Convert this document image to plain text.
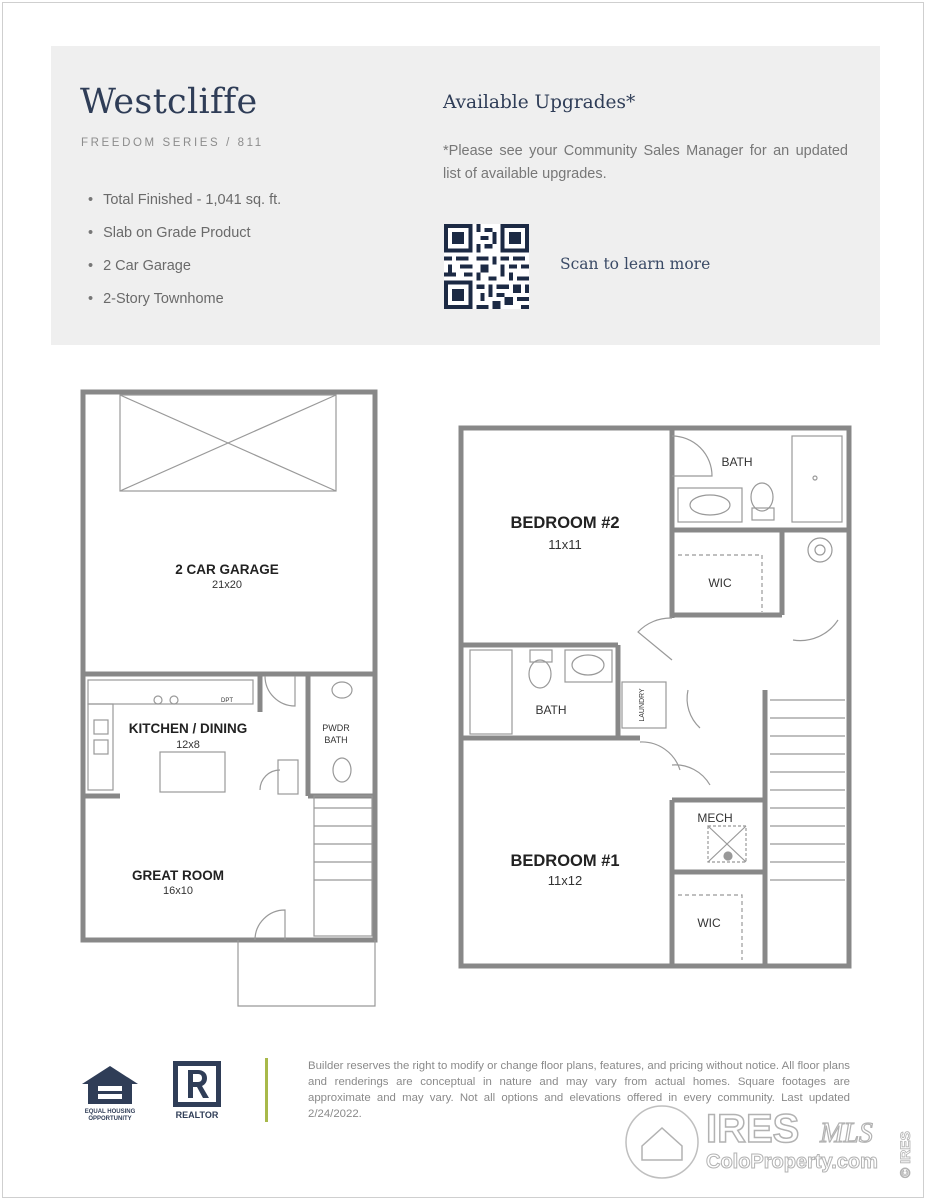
Westcliffe
FREEDOM SERIES / 811
• Total Finished - 1,041 sq. ft.
• Slab on Grade Product
• 2 Car Garage
• 2-Story Townhome
Available Upgrades*
*Please see your Community Sales Manager for an updated list of available upgrades.
Scan to learn more
2 CAR GARAGE
21x20
KITCHEN / DINING
12x8
DPT
PWDR
BATH
GREAT ROOM
16x10
BATH
BEDROOM #2
11x11
WIC
BATH	LAUNDRY
MECH
BEDROOM #1
11x12
WIC
EQUAL HOUSING
OPPORTUNITY	REALTOR
Builder reserves the right to modify or change floor plans, features, and pricing without notice. All floor plans and renderings are conceptual in nature and may vary from actual homes. Square footages are approximate and may vary. Not all options and elevations offered in every community. Last updated 2/24/2022.	IRES MLS
ColoProperty.com © IRES
